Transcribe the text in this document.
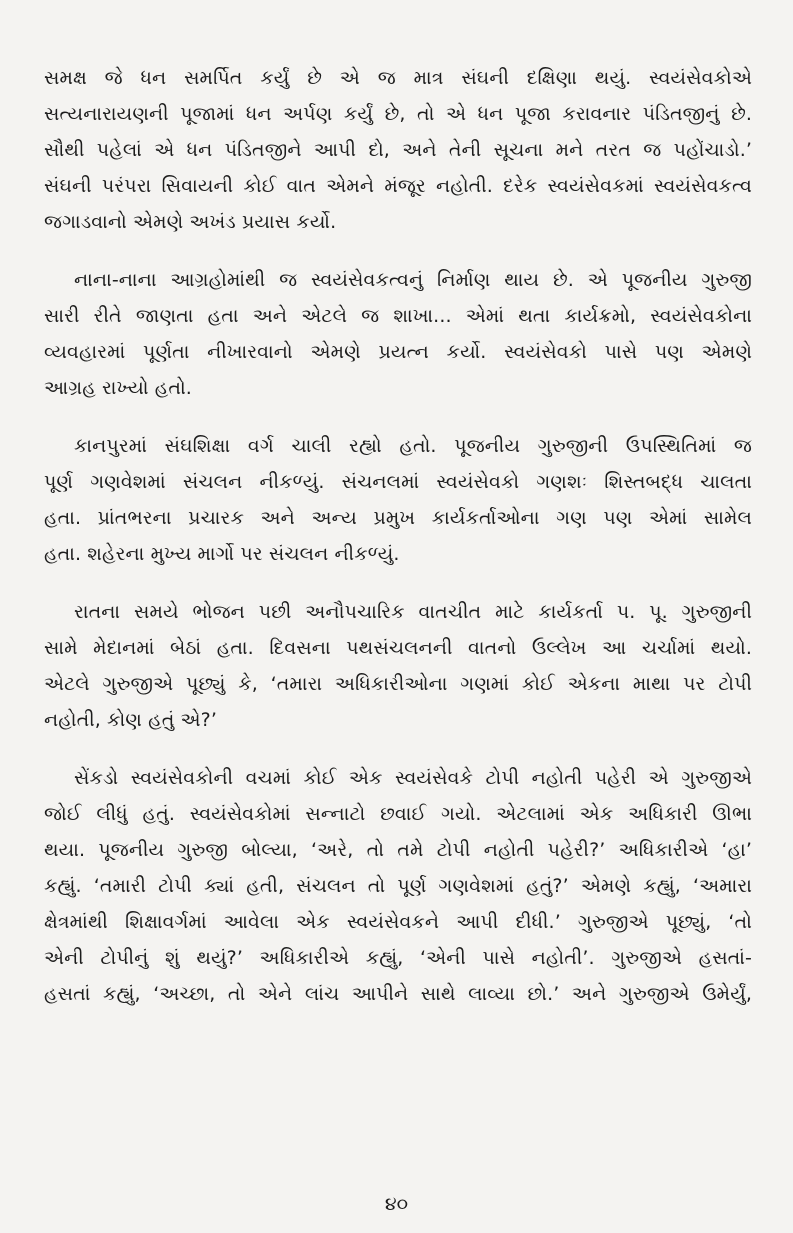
સમક્ષ જે ધન સમર્પિત કર્યું છે એ જ માત્ર સંઘની દક્ષિણા થયું. સ્વયંસેવકોએ
સત્યનારાયણની પૂજામાં ધન અર્પણ કર્યું છે, તો એ ધન પૂજા કરાવનાર પંડિતજીનું છે.
સૌથી પહેલાં એ ધન પંડિતજીને આપી દો, અને તેની સૂચના મને તરત જ પહોંચાડો.’
સંઘની પરંપરા સિવાયની કોઈ વાત એમને મંજૂર નહોતી. દરેક સ્વયંસેવકમાં સ્વયંસેવકત્વ
જગાડવાનો એમણે અખંડ પ્રયાસ કર્યો.
નાના-નાના આગ્રહોમાંથી જ સ્વયંસેવકત્વનું નિર્માણ થાય છે. એ પૂજનીય ગુરુજી
સારી રીતે જાણતા હતા અને એટલે જ શાખા... એમાં થતા કાર્યક્રમો, સ્વયંસેવકોના
વ્યવહારમાં પૂર્ણતા નીખારવાનો એમણે પ્રયત્ન કર્યો. સ્વયંસેવકો પાસે પણ એમણે
આગ્રહ રાખ્યો હતો.
કાનપુરમાં સંઘશિક્ષા વર્ગ ચાલી રહ્યો હતો. પૂજનીય ગુરુજીની ઉપસ્થિતિમાં જ
પૂર્ણ ગણવેશમાં સંચલન નીકળ્યું. સંચનલમાં સ્વયંસેવકો ગણશઃ શિસ્તબદ્ધ ચાલતા
હતા. પ્રાંતભરના પ્રચારક અને અન્ય પ્રમુખ કાર્યકર્તાઓના ગણ પણ એમાં સામેલ
હતા. શહેરના મુખ્ય માર્ગો પર સંચલન નીકળ્યું.
રાતના સમયે ભોજન પછી અનૌપચારિક વાતચીત માટે કાર્યકર્તા પ. પૂ. ગુરુજીની
સામે મેદાનમાં બેઠાં હતા. દિવસના પથસંચલનની વાતનો ઉલ્લેખ આ ચર્ચામાં થયો.
એટલે ગુરુજીએ પૂછ્યું કે, ‘તમારા અધિકારીઓના ગણમાં કોઈ એકના માથા પર ટોપી
નહોતી, કોણ હતું એ?’
સેંકડો સ્વયંસેવકોની વચમાં કોઈ એક સ્વયંસેવકે ટોપી નહોતી પહેરી એ ગુરુજીએ
જોઈ લીધું હતું. સ્વયંસેવકોમાં સન્નાટો છવાઈ ગયો. એટલામાં એક અધિકારી ઊભા
થયા. પૂજનીય ગુરુજી બોલ્યા, ‘અરે, તો તમે ટોપી નહોતી પહેરી?’ અધિકારીએ ‘હા’
કહ્યું. ‘તમારી ટોપી ક્યાં હતી, સંચલન તો પૂર્ણ ગણવેશમાં હતું?’ એમણે કહ્યું, ‘અમારા
ક્ષેત્રમાંથી શિક્ષાવર્ગમાં આવેલા એક સ્વયંસેવકને આપી દીધી.’ ગુરુજીએ પૂછ્યું, ‘તો
એની ટોપીનું શું થયું?’ અધિકારીએ કહ્યું, ‘એની પાસે નહોતી’. ગુરુજીએ હસતાં-
હસતાં કહ્યું, ‘અચ્છા, તો એને લાંચ આપીને સાથે લાવ્યા છો.’ અને ગુરુજીએ ઉમેર્યું,
૪૦
